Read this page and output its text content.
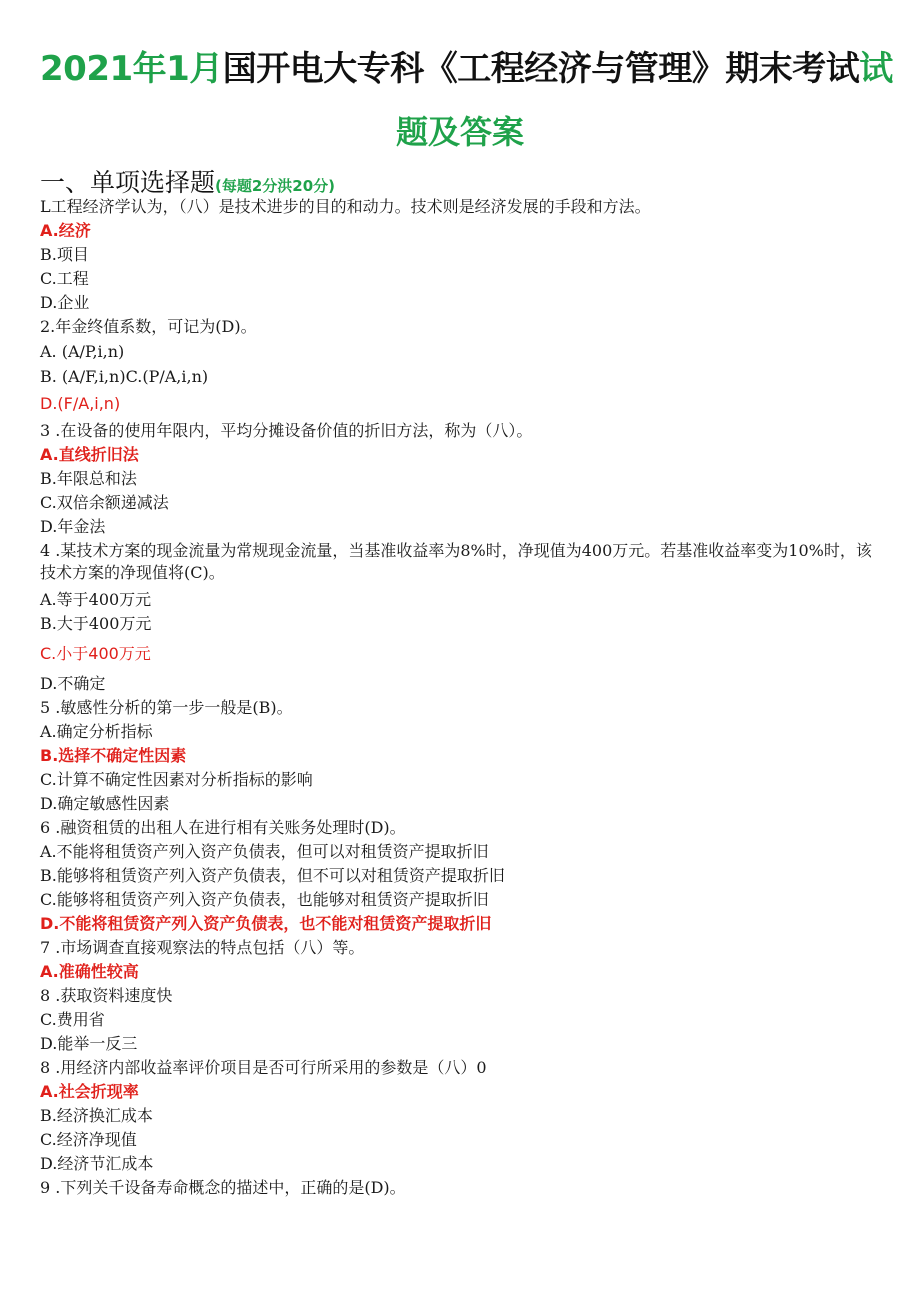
2021年1月国开电大专科《工程经济与管理》期末考试试
题及答案
一、单项选择题(每题2分洪20分)
L工程经济学认为，（八）是技术进步的目的和动力。技术则是经济发展的手段和方法。
A.经济
B.项目
C.工程
D.企业
2.年金终值系数，可记为(D)。
A. (A/P,i,n)
B. (A/F,i,n)C.(P/A,i,n)
D.(F/A,i,n)
3 .在设备的使用年限内，平均分摊设备价值的折旧方法，称为（八）。
A.直线折旧法
B.年限总和法
C.双倍余额递减法
D.年金法
4 .某技术方案的现金流量为常规现金流量，当基准收益率为8%时，净现值为400万元。若基准收益率变为10%时，该技术方案的净现值将(C)。
A.等于400万元
B.大于400万元
C.小于400万元
D.不确定
5 .敏感性分析的第一步一般是(B)。
A.确定分析指标
B.选择不确定性因素
C.计算不确定性因素对分析指标的影响
D.确定敏感性因素
6 .融资租赁的出租人在进行相有关账务处理时(D)。
A.不能将租赁资产列入资产负债表，但可以对租赁资产提取折旧
B.能够将租赁资产列入资产负债表，但不可以对租赁资产提取折旧
C.能够将租赁资产列入资产负债表，也能够对租赁资产提取折旧
D.不能将租赁资产列入资产负债表，也不能对租赁资产提取折旧
7 .市场调查直接观察法的特点包括（八）等。
A.准确性较高
8 .获取资料速度快
C.费用省
D.能举一反三
8 .用经济内部收益率评价项目是否可行所采用的参数是（八）0
A.社会折现率
B.经济换汇成本
C.经济净现值
D.经济节汇成本
9 .下列关千设备寿命概念的描述中，正确的是(D)。
